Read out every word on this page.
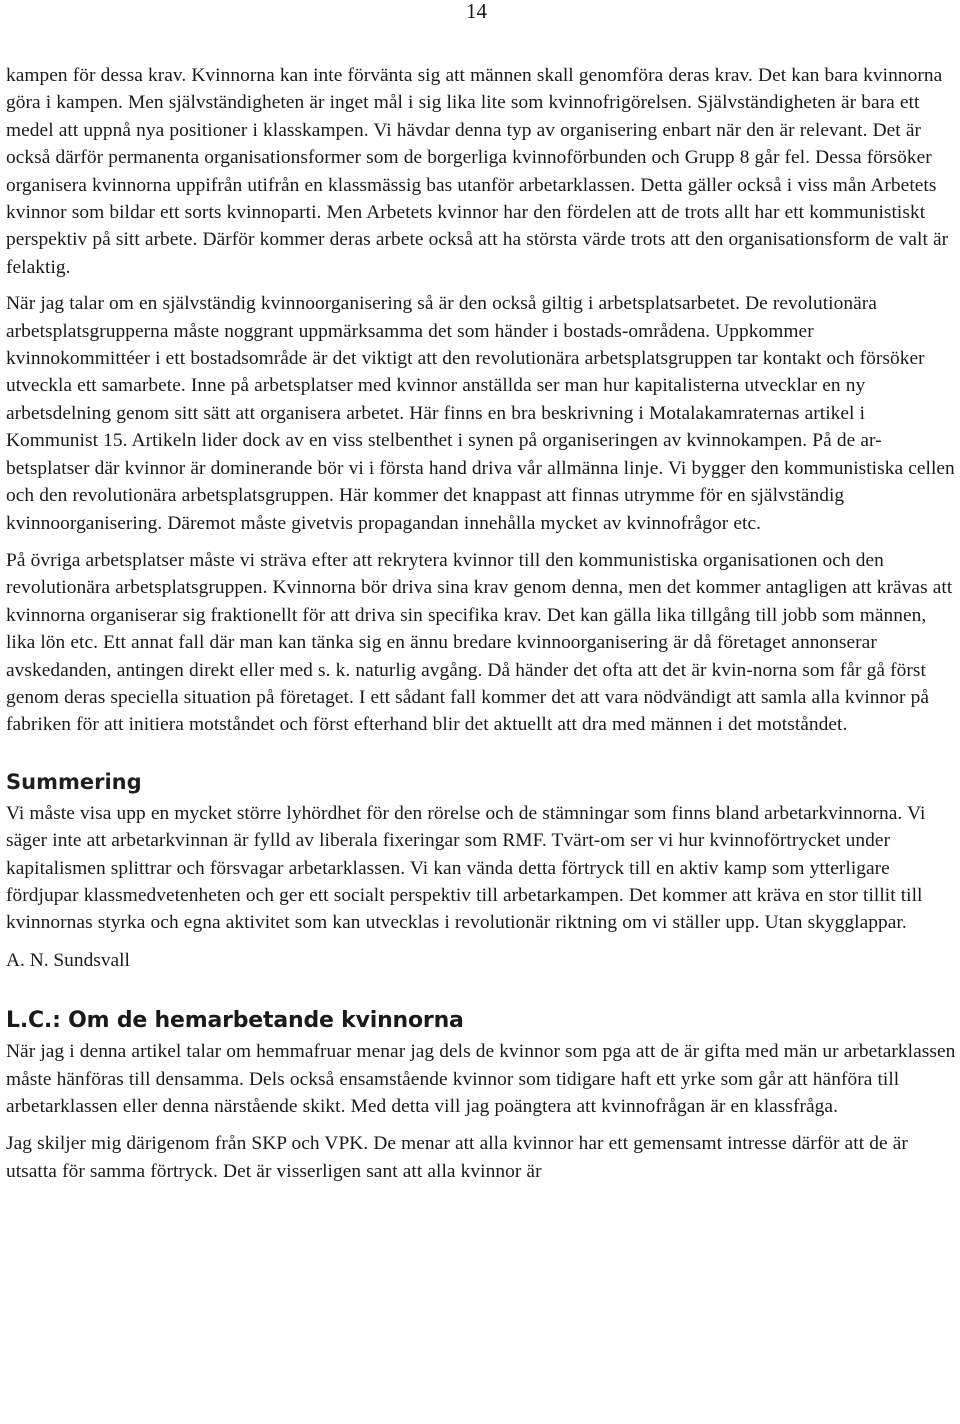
14

kampen för dessa krav. Kvinnorna kan inte förvänta sig att männen skall genomföra deras krav. Det kan bara kvinnorna göra i kampen. Men självständigheten är inget mål i sig lika lite som kvinnofrigörelsen. Självständigheten är bara ett medel att uppnå nya positioner i klasskampen. Vi hävdar denna typ av organisering enbart när den är relevant. Det är också därför permanenta organisationsformer som de borgerliga kvinnoförbunden och Grupp 8 går fel. Dessa försöker organisera kvinnorna uppifrån utifrån en klassmässig bas utanför arbetarklassen. Detta gäller också i viss mån Arbetets kvinnor som bildar ett sorts kvinnoparti. Men Arbetets kvinnor har den fördelen att de trots allt har ett kommunistiskt perspektiv på sitt arbete. Därför kommer deras arbete också att ha största värde trots att den organisationsform de valt är felaktig.

När jag talar om en självständig kvinnoorganisering så är den också giltig i arbetsplatsarbetet. De revolutionära arbetsplatsgrupperna måste noggrant uppmärksamma det som händer i bostads-områdena. Uppkommer kvinnokommittéer i ett bostadsområde är det viktigt att den revolutionära arbetsplatsgruppen tar kontakt och försöker utveckla ett samarbete. Inne på arbetsplatser med kvinnor anställda ser man hur kapitalisterna utvecklar en ny arbetsdelning genom sitt sätt att organisera arbetet. Här finns en bra beskrivning i Motalakamraternas artikel i Kommunist 15. Artikeln lider dock av en viss stelbenthet i synen på organiseringen av kvinnokampen. På de ar-betsplatser där kvinnor är dominerande bör vi i första hand driva vår allmänna linje. Vi bygger den kommunistiska cellen och den revolutionära arbetsplatsgruppen. Här kommer det knappast att finnas utrymme för en självständig kvinnoorganisering. Däremot måste givetvis propagandan innehålla mycket av kvinnofrågor etc.

På övriga arbetsplatser måste vi sträva efter att rekrytera kvinnor till den kommunistiska organisationen och den revolutionära arbetsplatsgruppen. Kvinnorna bör driva sina krav genom denna, men det kommer antagligen att krävas att kvinnorna organiserar sig fraktionellt för att driva sin specifika krav. Det kan gälla lika tillgång till jobb som männen, lika lön etc. Ett annat fall där man kan tänka sig en ännu bredare kvinnoorganisering är då företaget annonserar avskedanden, antingen direkt eller med s. k. naturlig avgång. Då händer det ofta att det är kvin-norna som får gå först genom deras speciella situation på företaget. I ett sådant fall kommer det att vara nödvändigt att samla alla kvinnor på fabriken för att initiera motståndet och först efterhand blir det aktuellt att dra med männen i det motståndet.

Summering

Vi måste visa upp en mycket större lyhördhet för den rörelse och de stämningar som finns bland arbetarkvinnorna. Vi säger inte att arbetarkvinnan är fylld av liberala fixeringar som RMF. Tvärt-om ser vi hur kvinnoförtrycket under kapitalismen splittrar och försvagar arbetarklassen. Vi kan vända detta förtryck till en aktiv kamp som ytterligare fördjupar klassmedvetenheten och ger ett socialt perspektiv till arbetarkampen. Det kommer att kräva en stor tillit till kvinnornas styrka och egna aktivitet som kan utvecklas i revolutionär riktning om vi ställer upp. Utan skygglappar.

A. N. Sundsvall

L.C.: Om de hemarbetande kvinnorna

När jag i denna artikel talar om hemmafruar menar jag dels de kvinnor som pga att de är gifta med män ur arbetarklassen måste hänföras till densamma. Dels också ensamstående kvinnor som tidigare haft ett yrke som går att hänföra till arbetarklassen eller denna närstående skikt. Med detta vill jag poängtera att kvinnofrågan är en klassfråga.

Jag skiljer mig därigenom från SKP och VPK. De menar att alla kvinnor har ett gemensamt intresse därför att de är utsatta för samma förtryck. Det är visserligen sant att alla kvinnor är
